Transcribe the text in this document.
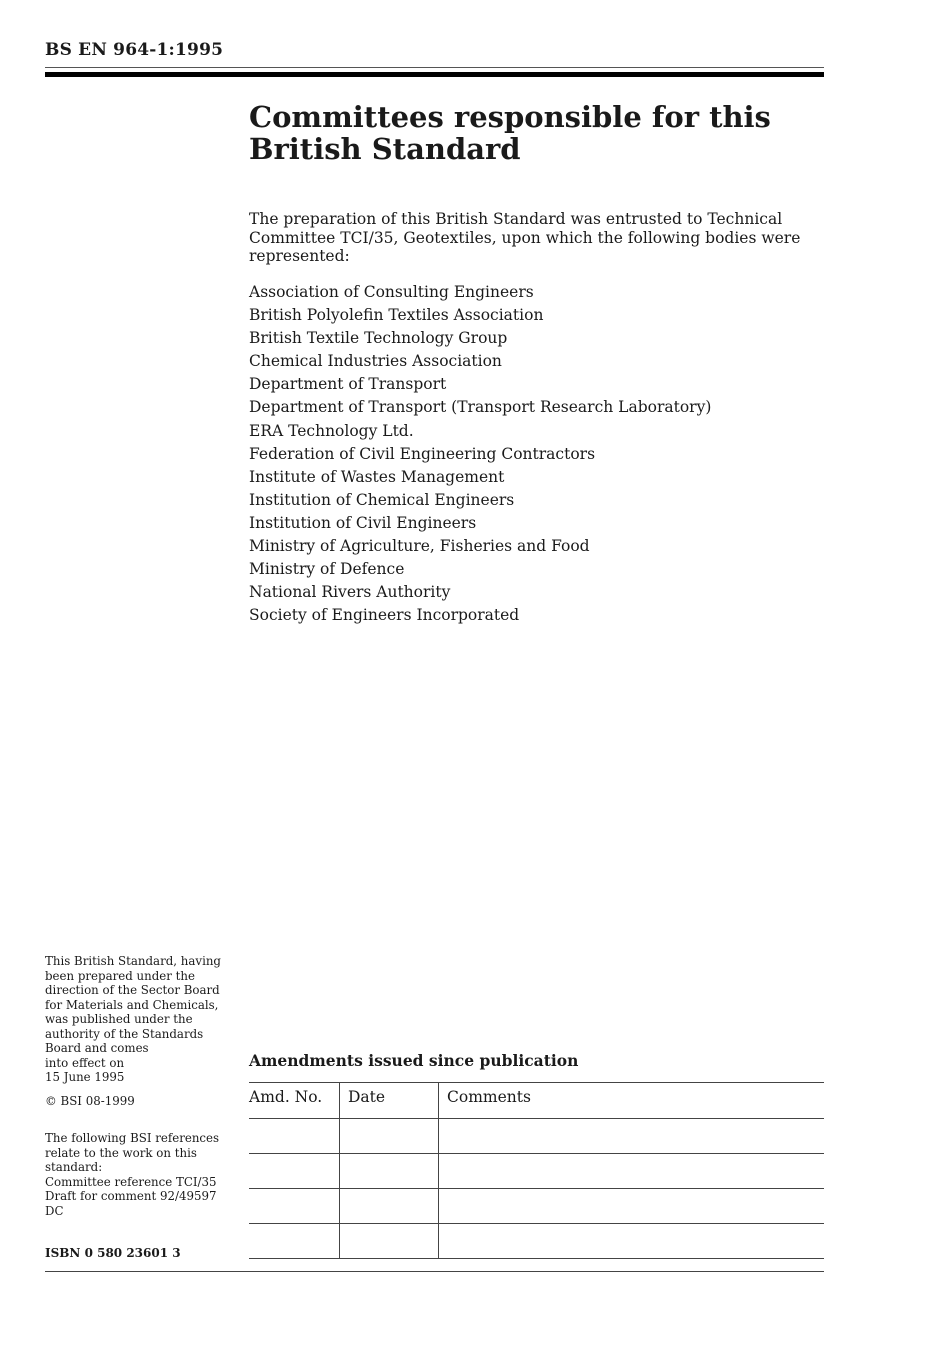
BS EN 964-1:1995
Committees responsible for this British Standard

The preparation of this British Standard was entrusted to Technical Committee TCI/35, Geotextiles, upon which the following bodies were represented:

Association of Consulting Engineers
British Polyolefin Textiles Association
British Textile Technology Group
Chemical Industries Association
Department of Transport
Department of Transport (Transport Research Laboratory)
ERA Technology Ltd.
Federation of Civil Engineering Contractors
Institute of Wastes Management
Institution of Chemical Engineers
Institution of Civil Engineers
Ministry of Agriculture, Fisheries and Food
Ministry of Defence
National Rivers Authority
Society of Engineers Incorporated

This British Standard, having
been prepared under the
direction of the Sector Board
for Materials and Chemicals,
was published under the
authority of the Standards
Board and comes
into effect on
15 June 1995

© BSI 08-1999

The following BSI references
relate to the work on this
standard:
Committee reference TCI/35
Draft for comment 92/49597 DC

ISBN 0 580 23601 3
Amendments issued since publication
Amd. No.	Date	Comments
